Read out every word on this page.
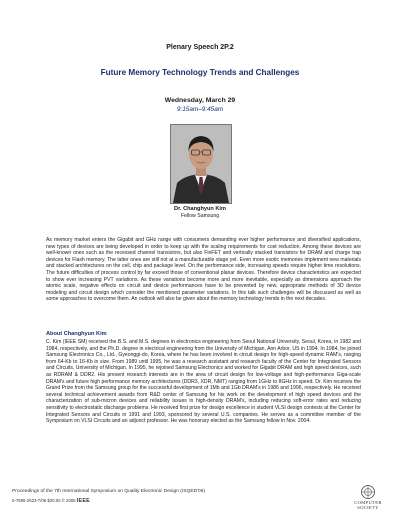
Plenary Speech 2P.2
Future Memory Technology Trends and Challenges
Wednesday, March 29
9:15am–9:45am
Dr. Changhyun Kim
Fellow Samsung
As memory market enters the Gigabit and GHz range with consumers demanding ever higher performance and diversified applications, new types of devices are being developed in order to keep up with the scaling requirements for cost reduction. Among these devices are well-known ones such as the recessed channel transistors, but also FinFET and vertically stacked transistors for DRAM and charge trap devices for Flash memory. The latter ones are still not at a manufacturable stage yet. Even more exotic memories implement new materials and stacked architectures on the cell, chip and package level. On the performance side, increasing speeds require higher time resolutions. The future difficulties of process control by far exceed those of conventional planar devices. Therefore device characteristics are expected to show ever increasing PVT variations. As these variations become more and more inevitable, especially as dimensions approach the atomic scale, negative effects on circuit and device performances have to be prevented by new, appropriate methods of 3D device modeling and circuit design which consider the mentioned parameter variations. In this talk such challenges will be discussed as well as some approaches to overcome them. An outlook will also be given about the memory technology trends in the next decades.
About Changhyun Kim
C. Kim (IEEE SM) received the B.S. and M.S. degrees in electronics engineering from Seoul National University, Seoul, Korea, in 1982 and 1984, respectively, and the Ph.D. degree in electrical engineering from the University of Michigan, Ann Arbor, US in 1994. In 1984, he joined Samsung Electronics Co., Ltd., Gyeonggi-do, Korea, where he has been involved in circuit design for high-speed dynamic RAM's, ranging from 64-Kb to 16-Kb in size. From 1989 until 1995, he was a research assistant and research faculty of the Center for Integrated Sensors and Circuits, University of Michigan. In 1995, he rejoined Samsung Electronics and worked for Gigabit DRAM and high speed devices, such as RDRAM & DDR2. His present research interests are in the area of circuit design for low-voltage and high-performance Giga-scale DRAM's and future high performance memory architectures (DDR3, XDR, NMT) ranging from 1GHz to 8GHz in speed. Dr. Kim receives the Grand Prize from the Samsung group for the successful development of 1Mb and 1Gb DRAM's in 1986 and 1996, respectively. He received several technical achievement awards from R&D center of Samsung for his work on the development of high speed devices and the characterization of sub-micron devices and reliability issues in high-density DRAM's, including reducing soft-error rates and reducing sensitivity to electrostatic discharge problems. He received first prize for design excellence in student VLSI design contests at the Center for Integrated Sensors and Circuits in 1991 and 1993, sponsored by several U.S. companies. He serves as a committee member of the Symposium on VLSI Circuits and an adjunct professor. He was honorary elected as the Samsung fellow in Nov. 2004.
Proceedings of the 7th International Symposium on Quality Electronic Design (ISQED'06)
0-7695-2523-7/06 $20.00 © 2006 IEEE	COMPUTER
SOCIETY
